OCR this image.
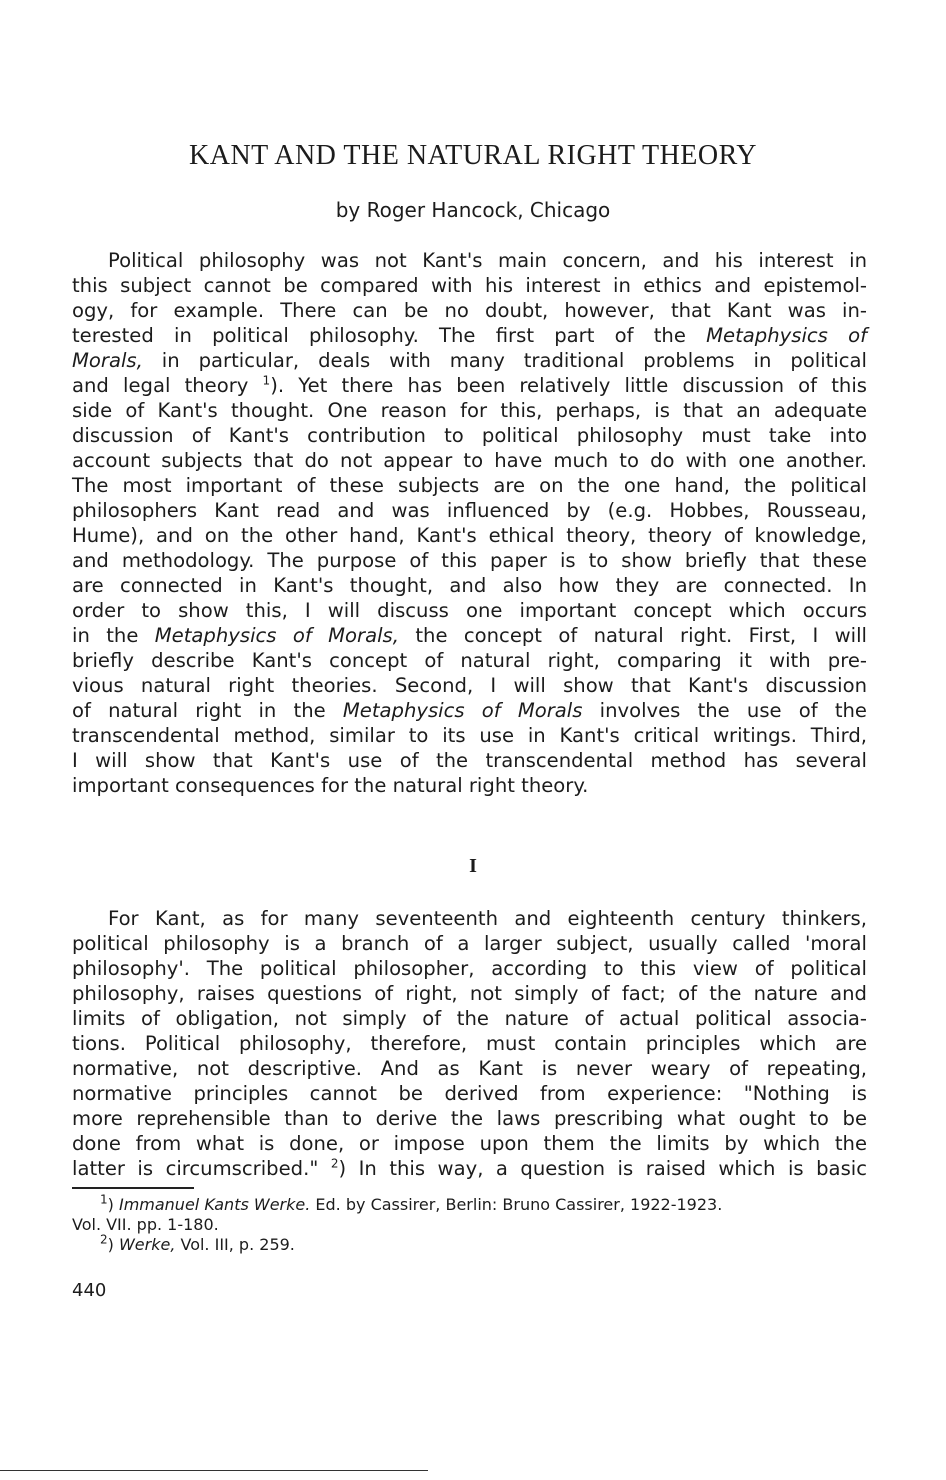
KANT AND THE NATURAL RIGHT THEORY

by Roger Hancock, Chicago

Political philosophy was not Kant's main concern, and his interest in
this subject cannot be compared with his interest in ethics and epistemol-
ogy, for example. There can be no doubt, however, that Kant was in-
terested in political philosophy. The first part of the Metaphysics of
Morals, in particular, deals with many traditional problems in political
and legal theory $^1$). Yet there has been relatively little discussion of this
side of Kant's thought. One reason for this, perhaps, is that an adequate
discussion of Kant's contribution to political philosophy must take into
account subjects that do not appear to have much to do with one another.
The most important of these subjects are on the one hand, the political
philosophers Kant read and was influenced by (e.g. Hobbes, Rousseau,
Hume), and on the other hand, Kant's ethical theory, theory of knowledge,
and methodology. The purpose of this paper is to show briefly that these
are connected in Kant's thought, and also how they are connected. In
order to show this, I will discuss one important concept which occurs
in the Metaphysics of Morals, the concept of natural right. First, I will
briefly describe Kant's concept of natural right, comparing it with pre-
vious natural right theories. Second, I will show that Kant's discussion
of natural right in the Metaphysics of Morals involves the use of the
transcendental method, similar to its use in Kant's critical writings. Third,
I will show that Kant's use of the transcendental method has several
important consequences for the natural right theory.
I
For Kant, as for many seventeenth and eighteenth century thinkers,
political philosophy is a branch of a larger subject, usually called 'moral
philosophy'. The political philosopher, according to this view of political
philosophy, raises questions of right, not simply of fact; of the nature and
limits of obligation, not simply of the nature of actual political associa-
tions. Political philosophy, therefore, must contain principles which are
normative, not descriptive. And as Kant is never weary of repeating,
normative principles cannot be derived from experience: "Nothing is
more reprehensible than to derive the laws prescribing what ought to be
done from what is done, or impose upon them the limits by which the
latter is circumscribed." $^2$) In this way, a question is raised which is basic
$^1$) Immanuel Kants Werke. Ed. by Cassirer, Berlin: Bruno Cassirer, 1922-1923.
Vol. VII. pp. 1-180.
$^2$) Werke, Vol. III, p. 259.
440
